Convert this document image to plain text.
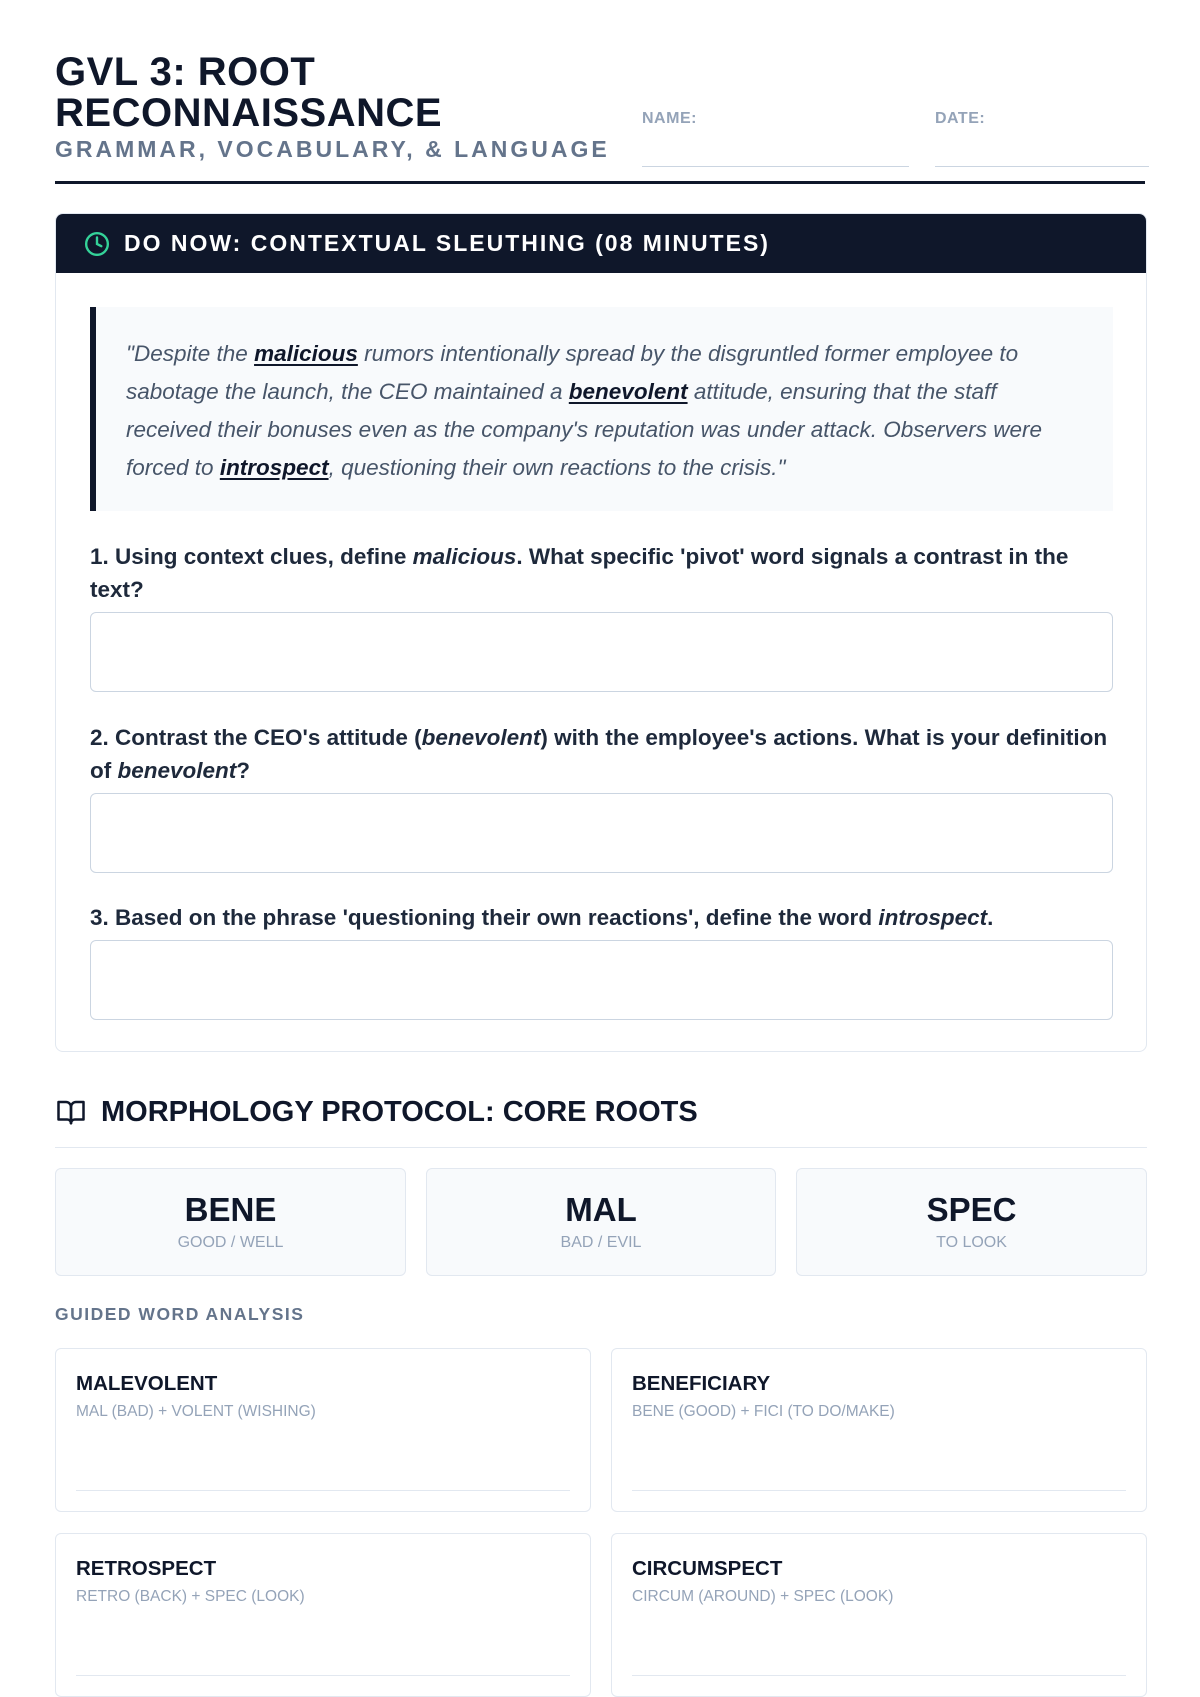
GVL 3: ROOT
RECONNAISSANCE
GRAMMAR, VOCABULARY, & LANGUAGE
NAME:	DATE:
DO NOW: CONTEXTUAL SLEUTHING (08 MINUTES)
"Despite the malicious rumors intentionally spread by the disgruntled former employee to sabotage the launch, the CEO maintained a benevolent attitude, ensuring that the staff received their bonuses even as the company's reputation was under attack. Observers were forced to introspect, questioning their own reactions to the crisis."
1. Using context clues, define malicious. What specific 'pivot' word signals a contrast in the text?
2. Contrast the CEO's attitude (benevolent) with the employee's actions. What is your definition of benevolent?
3. Based on the phrase 'questioning their own reactions', define the word introspect.
MORPHOLOGY PROTOCOL: CORE ROOTS
BENE
GOOD / WELL
MAL
BAD / EVIL
SPEC
TO LOOK
GUIDED WORD ANALYSIS
MALEVOLENT
MAL (BAD) + VOLENT (WISHING)
BENEFICIARY
BENE (GOOD) + FICI (TO DO/MAKE)
RETROSPECT
RETRO (BACK) + SPEC (LOOK)
CIRCUMSPECT
CIRCUM (AROUND) + SPEC (LOOK)
